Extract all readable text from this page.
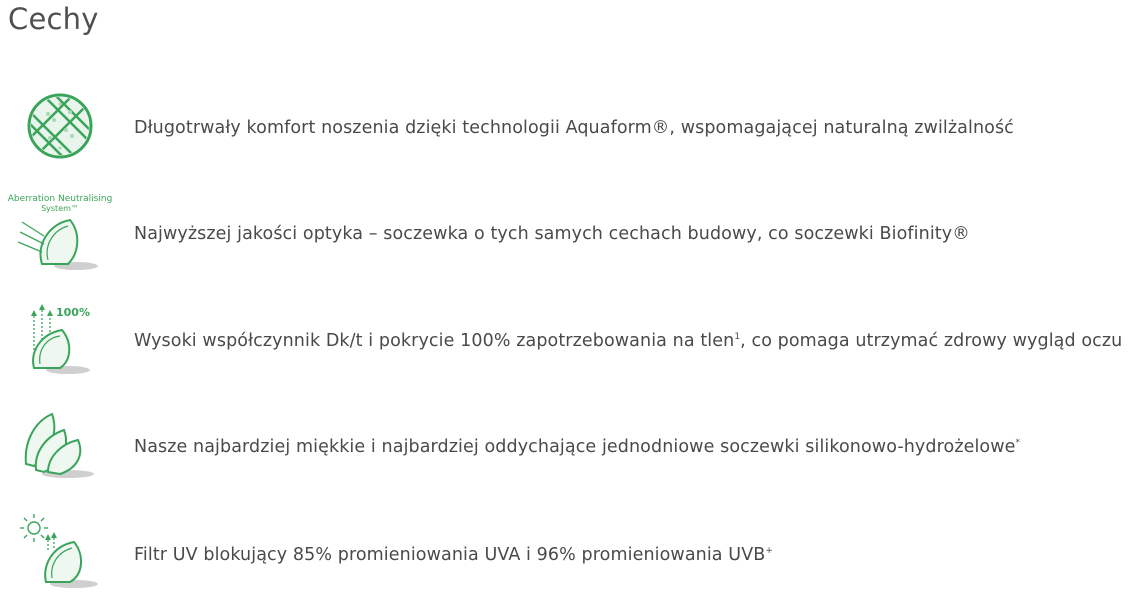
Cechy
Długotrwały komfort noszenia dzięki technologii Aquaform®, wspomagającej naturalną zwilżalność
Aberration Neutralising
System™
Najwyższej jakości optyka – soczewka o tych samych cechach budowy, co soczewki Biofinity®
100%
Wysoki współczynnik Dk/t i pokrycie 100% zapotrzebowania na tlen$^1$, co pomaga utrzymać zdrowy wygląd oczu
Nasze najbardziej miękkie i najbardziej oddychające jednodniowe soczewki silikonowo-hydrożelowe*
Filtr UV blokujący 85% promieniowania UVA i 96% promieniowania UVB+
